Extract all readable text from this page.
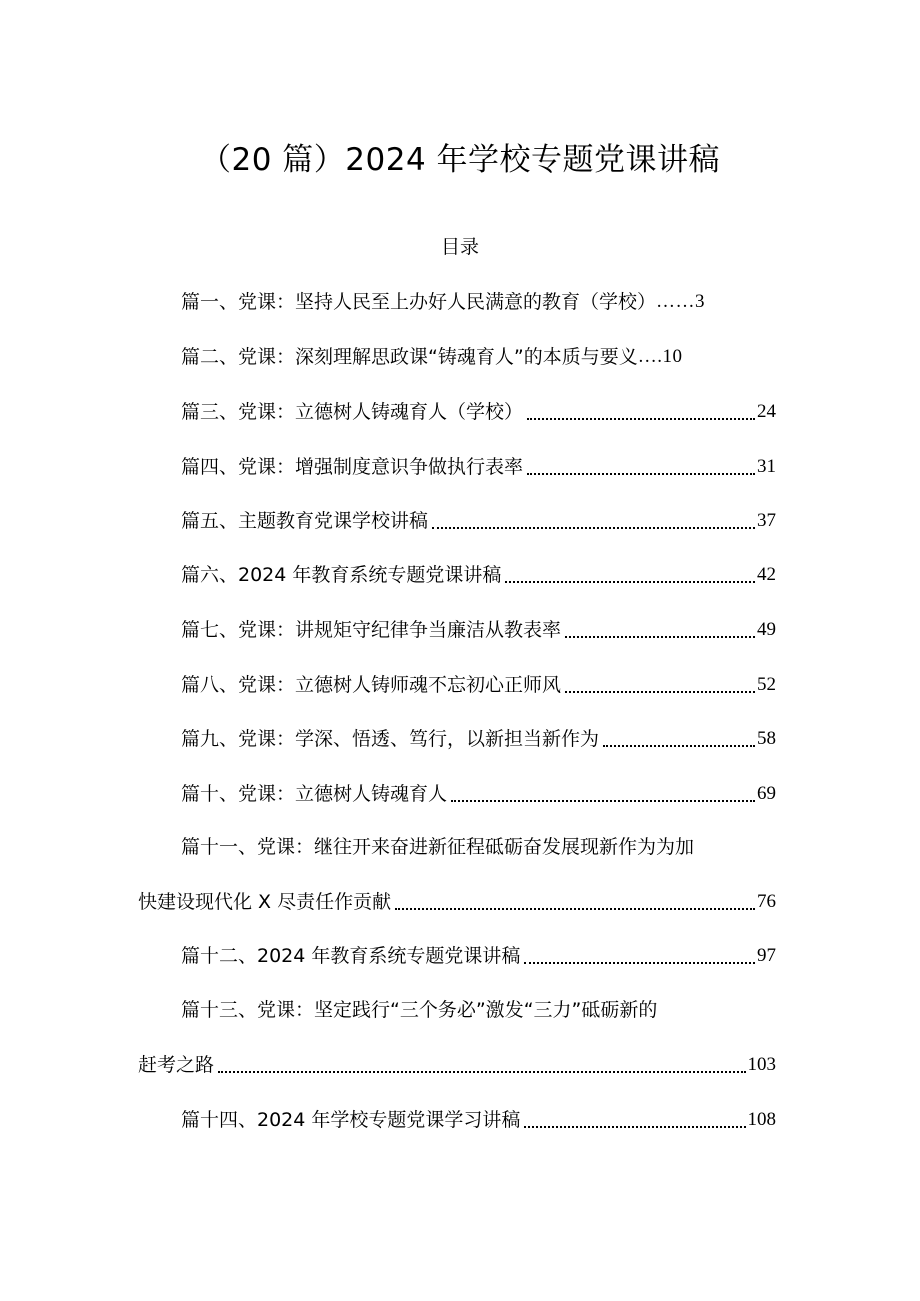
（20 篇）2024 年学校专题党课讲稿
目录
篇一、党课：坚持人民至上办好人民满意的教育（学校） …… 3
篇二、党课：深刻理解思政课“铸魂育人”的本质与要义 …. 10
篇三、党课：立德树人铸魂育人（学校）	24
篇四、党课：增强制度意识争做执行表率	31
篇五、主题教育党课学校讲稿	37
篇六、2024 年教育系统专题党课讲稿	42
篇七、党课：讲规矩守纪律争当廉洁从教表率	49
篇八、党课：立德树人铸师魂不忘初心正师风	52
篇九、党课：学深、悟透、笃行，以新担当新作为	58
篇十、党课：立德树人铸魂育人	69
篇十一、党课：继往开来奋进新征程砥砺奋发展现新作为为加
快建设现代化 X 尽责任作贡献	76
篇十二、2024 年教育系统专题党课讲稿	97
篇十三、党课：坚定践行“三个务必”激发“三力”砥砺新的
赶考之路	103
篇十四、2024 年学校专题党课学习讲稿	108
